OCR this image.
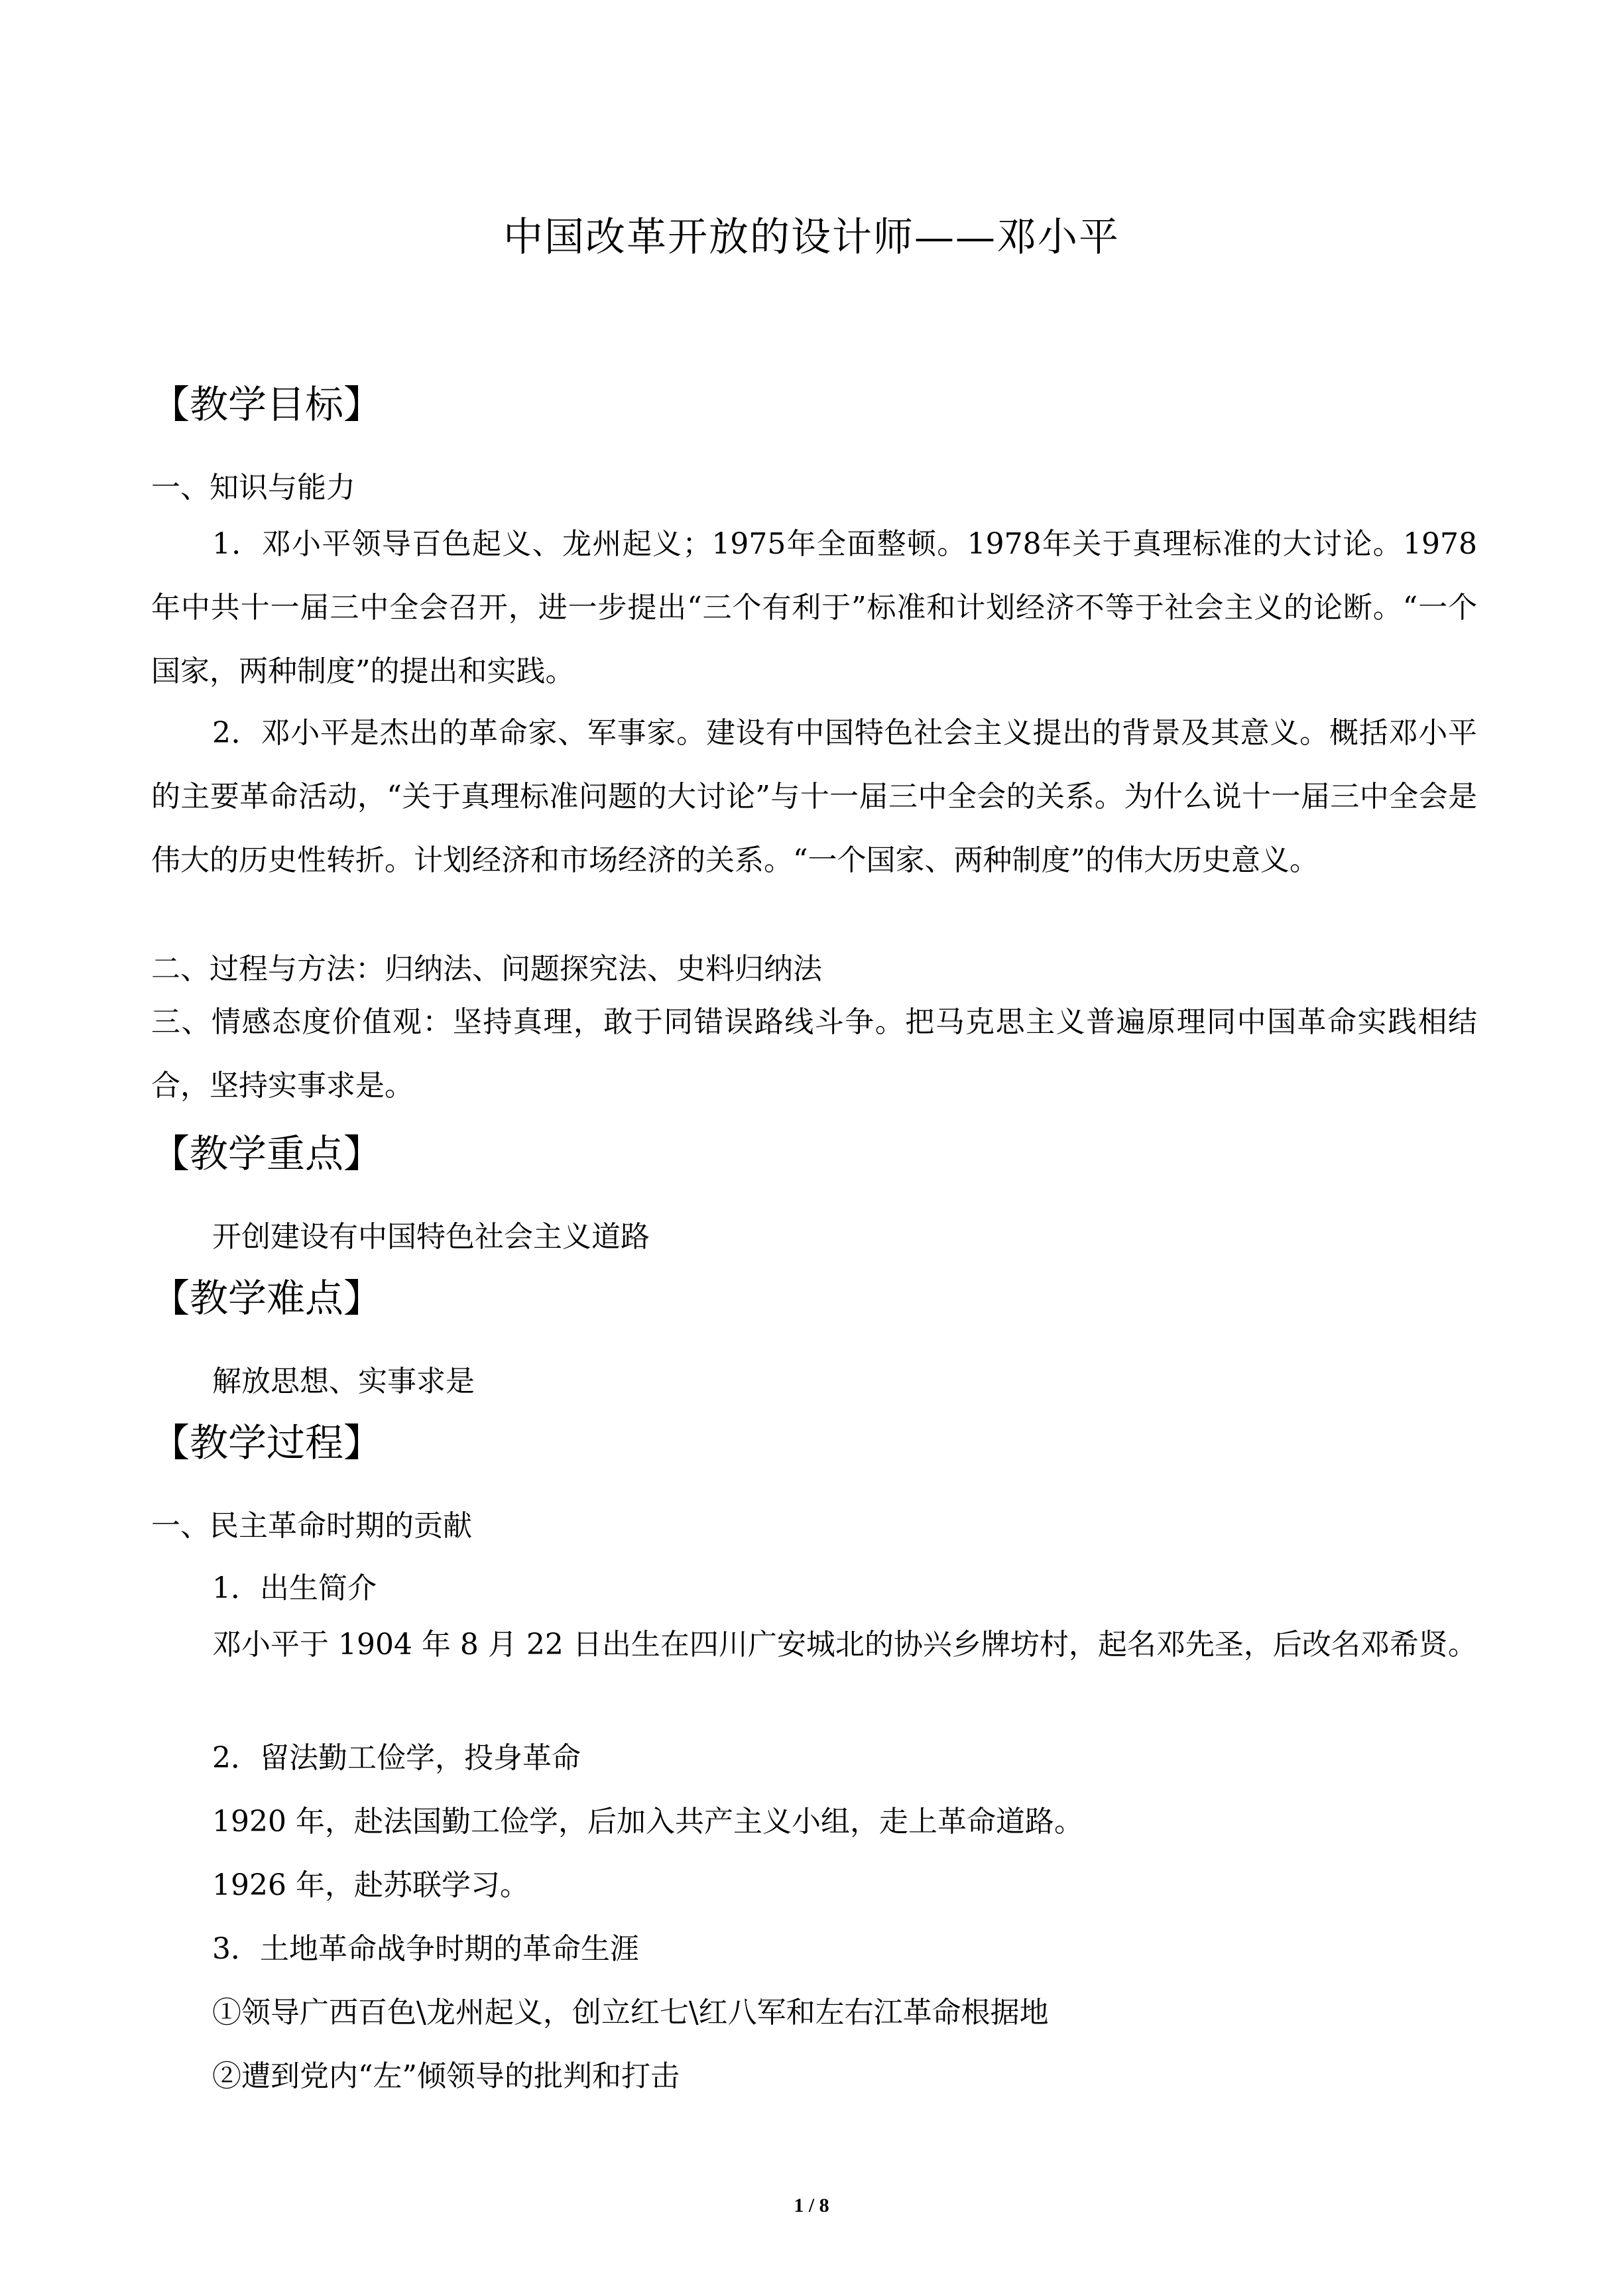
中国改革开放的设计师——邓小平
【教学目标】
一、知识与能力
1．邓小平领导百色起义、龙州起义；1975年全面整顿。1978年关于真理标准的大讨论。1978 年中共十一届三中全会召开，进一步提出“三个有利于”标准和计划经济不等于社会主义的论断。“一个国家，两种制度”的提出和实践。
2．邓小平是杰出的革命家、军事家。建设有中国特色社会主义提出的背景及其意义。概括邓小平的主要革命活动，“关于真理标准问题的大讨论”与十一届三中全会的关系。为什么说十一届三中全会是伟大的历史性转折。计划经济和市场经济的关系。“一个国家、两种制度”的伟大历史意义。
二、过程与方法：归纳法、问题探究法、史料归纳法
三、情感态度价值观：坚持真理，敢于同错误路线斗争。把马克思主义普遍原理同中国革命实践相结合，坚持实事求是。
【教学重点】
开创建设有中国特色社会主义道路
【教学难点】
解放思想、实事求是
【教学过程】
一、民主革命时期的贡献
1．出生简介
邓小平于 1904 年 8 月 22 日出生在四川广安城北的协兴乡牌坊村，起名邓先圣，后改名邓希贤。
2．留法勤工俭学，投身革命
1920 年，赴法国勤工俭学，后加入共产主义小组，走上革命道路。
1926 年，赴苏联学习。
3．土地革命战争时期的革命生涯
①领导广西百色\龙州起义，创立红七\红八军和左右江革命根据地
②遭到党内“左”倾领导的批判和打击
1 / 8
